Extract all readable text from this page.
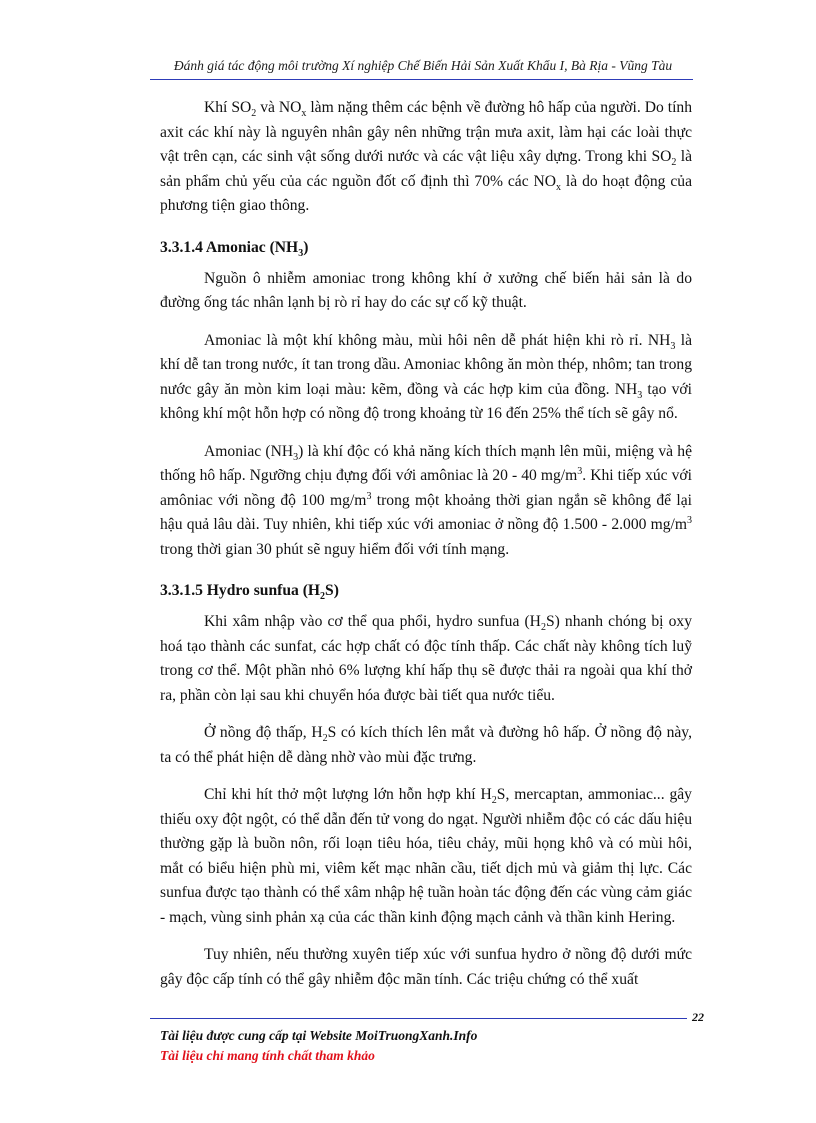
Đánh giá tác động môi trường Xí nghiệp Chế Biến Hải Sản Xuất Khẩu I, Bà Rịa - Vũng Tàu

Khí $SO_2$ và $NO_x$ làm nặng thêm các bệnh về đường hô hấp của người. Do tính axit các khí này là nguyên nhân gây nên những trận mưa axit, làm hại các loài thực vật trên cạn, các sinh vật sống dưới nước và các vật liệu xây dựng. Trong khi $SO_2$ là sản phẩm chủ yếu của các nguồn đốt cố định thì 70% các $NO_x$ là do hoạt động của phương tiện giao thông.

3.3.1.4 Amoniac $(NH_3)$

Nguồn ô nhiễm amoniac trong không khí ở xưởng chế biến hải sản là do đường ống tác nhân lạnh bị rò rỉ hay do các sự cố kỹ thuật.

Amoniac là một khí không màu, mùi hôi nên dễ phát hiện khi rò rỉ. $NH_3$ là khí dễ tan trong nước, ít tan trong dầu. Amoniac không ăn mòn thép, nhôm; tan trong nước gây ăn mòn kim loại màu: kẽm, đồng và các hợp kim của đồng. $NH_3$ tạo với không khí một hỗn hợp có nồng độ trong khoảng từ 16 đến 25% thể tích sẽ gây nổ.

Amoniac $(NH_3)$ là khí độc có khả năng kích thích mạnh lên mũi, miệng và hệ thống hô hấp. Ngưỡng chịu đựng đối với amôniac là 20 - 40 $mg/m^3$. Khi tiếp xúc với amôniac với nồng độ 100 $mg/m^3$ trong một khoảng thời gian ngắn sẽ không để lại hậu quả lâu dài. Tuy nhiên, khi tiếp xúc với amoniac ở nồng độ 1.500 - 2.000 $mg/m^3$ trong thời gian 30 phút sẽ nguy hiểm đối với tính mạng.

3.3.1.5 Hydro sunfua $(H_2S)$

Khi xâm nhập vào cơ thể qua phổi, hydro sunfua $(H_2S)$ nhanh chóng bị oxy hoá tạo thành các sunfat, các hợp chất có độc tính thấp. Các chất này không tích luỹ trong cơ thể. Một phần nhỏ 6% lượng khí hấp thụ sẽ được thải ra ngoài qua khí thở ra, phần còn lại sau khi chuyển hóa được bài tiết qua nước tiểu.

Ở nồng độ thấp, $H_2S$ có kích thích lên mắt và đường hô hấp. Ở nồng độ này, ta có thể phát hiện dễ dàng nhờ vào mùi đặc trưng.

Chỉ khi hít thở một lượng lớn hỗn hợp khí $H_2S$, mercaptan, ammoniac... gây thiếu oxy đột ngột, có thể dẫn đến tử vong do ngạt. Người nhiễm độc có các dấu hiệu thường gặp là buồn nôn, rối loạn tiêu hóa, tiêu chảy, mũi họng khô và có mùi hôi, mắt có biểu hiện phù mi, viêm kết mạc nhãn cầu, tiết dịch mủ và giảm thị lực. Các sunfua được tạo thành có thể xâm nhập hệ tuần hoàn tác động đến các vùng cảm giác - mạch, vùng sinh phản xạ của các thần kinh động mạch cảnh và thần kinh Hering.

Tuy nhiên, nếu thường xuyên tiếp xúc với sunfua hydro ở nồng độ dưới mức gây độc cấp tính có thể gây nhiễm độc mãn tính. Các triệu chứng có thể xuất

22
Tài liệu được cung cấp tại Website MoiTruongXanh.Info
Tài liệu chỉ mang tính chất tham khảo
